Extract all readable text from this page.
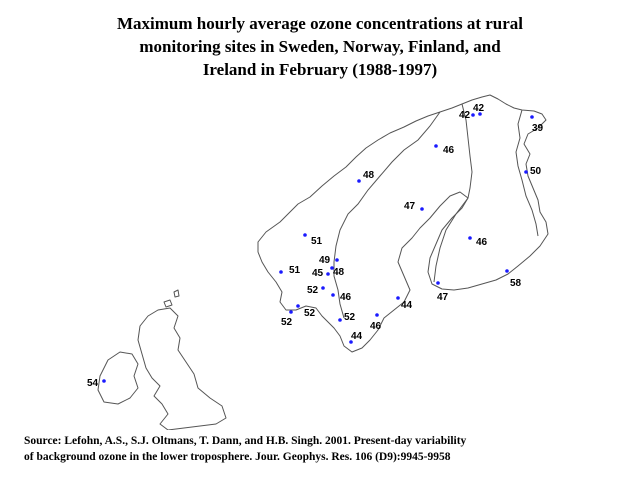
Maximum hourly average ozone concentrations at rural
monitoring sites in Sweden, Norway, Finland, and
Ireland in February (1988-1997)
42
42
39
46
50
48
47
46
51
51
49
48
45
52
46	47
58
52
52	52
44
46
44
54
Source: Lefohn, A.S., S.J. Oltmans, T. Dann, and H.B. Singh. 2001. Present-day variability
of background ozone in the lower troposphere. Jour. Geophys. Res. 106 (D9):9945-9958
